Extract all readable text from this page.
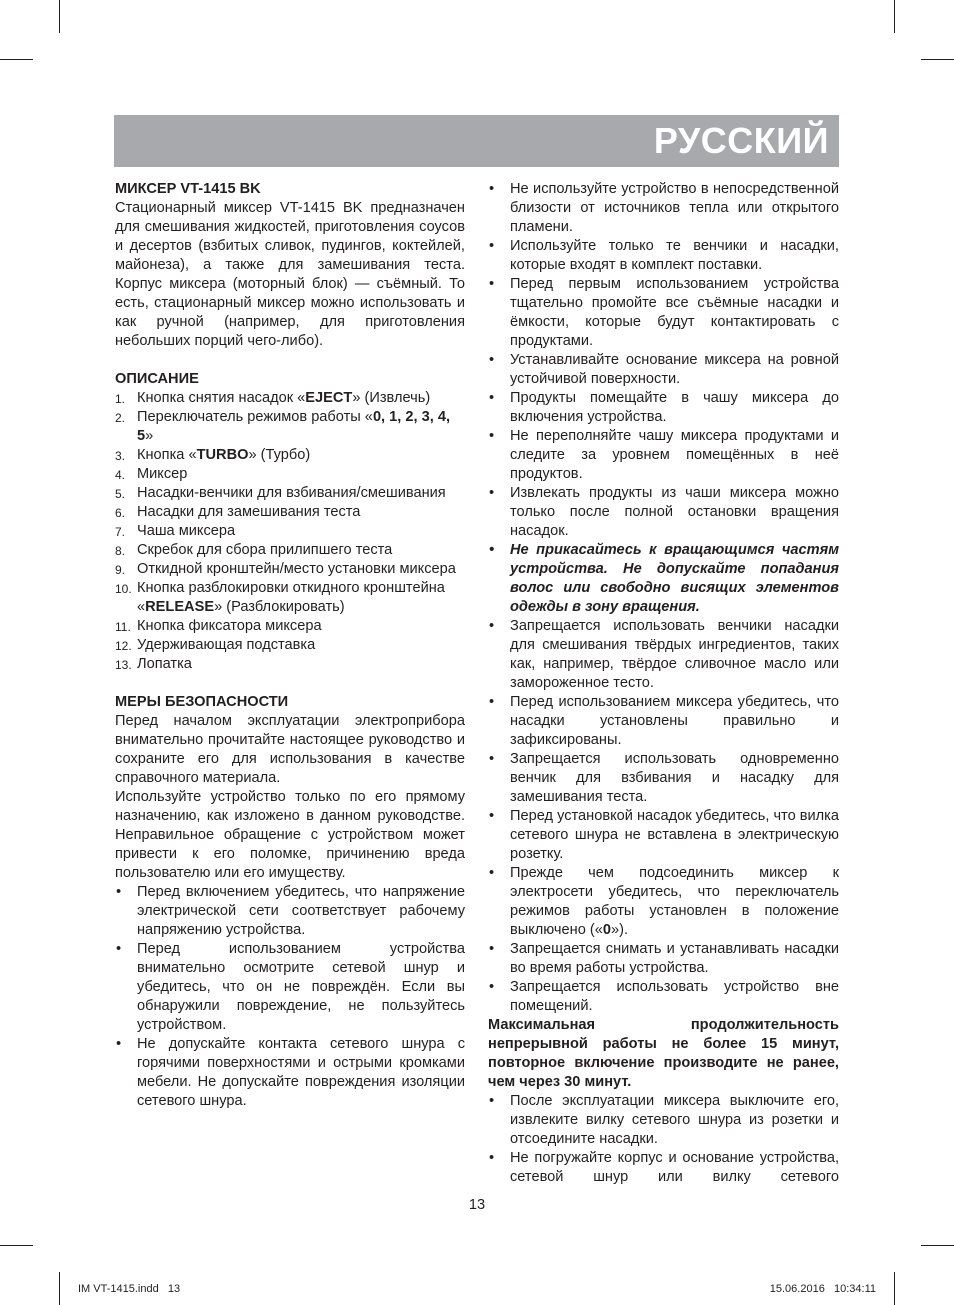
РУССКИЙ

МИКСЕР VT-1415 BK

Стационарный миксер VT-1415 BK предназначен для смешивания жидкостей, приготовления соусов и десертов (взбитых сливок, пудингов, коктейлей, майонеза), а также для замешивания теста. Корпус миксера (моторный блок) — съёмный. То есть, стационарный миксер можно использовать и как ручной (например, для приготовления небольших порций чего-либо).

ОПИСАНИЕ

1. Кнопка снятия насадок «EJECT» (Извлечь)
2. Переключатель режимов работы «0, 1, 2, 3, 4, 5»
3. Кнопка «TURBO» (Турбо)
4. Миксер
5. Насадки-венчики для взбивания/смешивания
6. Насадки для замешивания теста
7. Чаша миксера
8. Скребок для сбора прилипшего теста
9. Откидной кронштейн/место установки миксера
10. Кнопка разблокировки откидного кронштейна «RELEASE» (Разблокировать)
11. Кнопка фиксатора миксера
12. Удерживающая подставка
13. Лопатка

МЕРЫ БЕЗОПАСНОСТИ

Перед началом эксплуатации электроприбора внимательно прочитайте настоящее руководство и сохраните его для использования в качестве справочного материала.

Используйте устройство только по его прямому назначению, как изложено в данном руководстве. Неправильное обращение с устройством может привести к его поломке, причинению вреда пользователю или его имуществу.

• Перед включением убедитесь, что напряжение электрической сети соответствует рабочему напряжению устройства.
• Перед использованием устройства внимательно осмотрите сетевой шнур и убедитесь, что он не повреждён. Если вы обнаружили повреждение, не пользуйтесь устройством.
• Не допускайте контакта сетевого шнура с горячими поверхностями и острыми кромками мебели. Не допускайте повреждения изоляции сетевого шнура.
• Не используйте устройство в непосредственной близости от источников тепла или открытого пламени.
• Используйте только те венчики и насадки, которые входят в комплект поставки.
• Перед первым использованием устройства тщательно промойте все съёмные насадки и ёмкости, которые будут контактировать с продуктами.
• Устанавливайте основание миксера на ровной устойчивой поверхности.
• Продукты помещайте в чашу миксера до включения устройства.
• Не переполняйте чашу миксера продуктами и следите за уровнем помещённых в неё продуктов.
• Извлекать продукты из чаши миксера можно только после полной остановки вращения насадок.
• Не прикасайтесь к вращающимся частям устройства. Не допускайте попадания волос или свободно висящих элементов одежды в зону вращения.
• Запрещается использовать венчики насадки для смешивания твёрдых ингредиентов, таких как, например, твёрдое сливочное масло или замороженное тесто.
• Перед использованием миксера убедитесь, что насадки установлены правильно и зафиксированы.
• Запрещается использовать одновременно венчик для взбивания и насадку для замешивания теста.
• Перед установкой насадок убедитесь, что вилка сетевого шнура не вставлена в электрическую розетку.
• Прежде чем подсоединить миксер к электросети убедитесь, что переключатель режимов работы установлен в положение выключено («0»).
• Запрещается снимать и устанавливать насадки во время работы устройства.
• Запрещается использовать устройство вне помещений.

Максимальная продолжительность непрерывной работы не более 15 минут, повторное включение производите не ранее, чем через 30 минут.

• После эксплуатации миксера выключите его, извлеките вилку сетевого шнура из розетки и отсоедините насадки.
• Не погружайте корпус и основание устройства, сетевой шнур или вилку сетевого
13
IM VT-1415.indd   13	15.06.2016   10:34:11
